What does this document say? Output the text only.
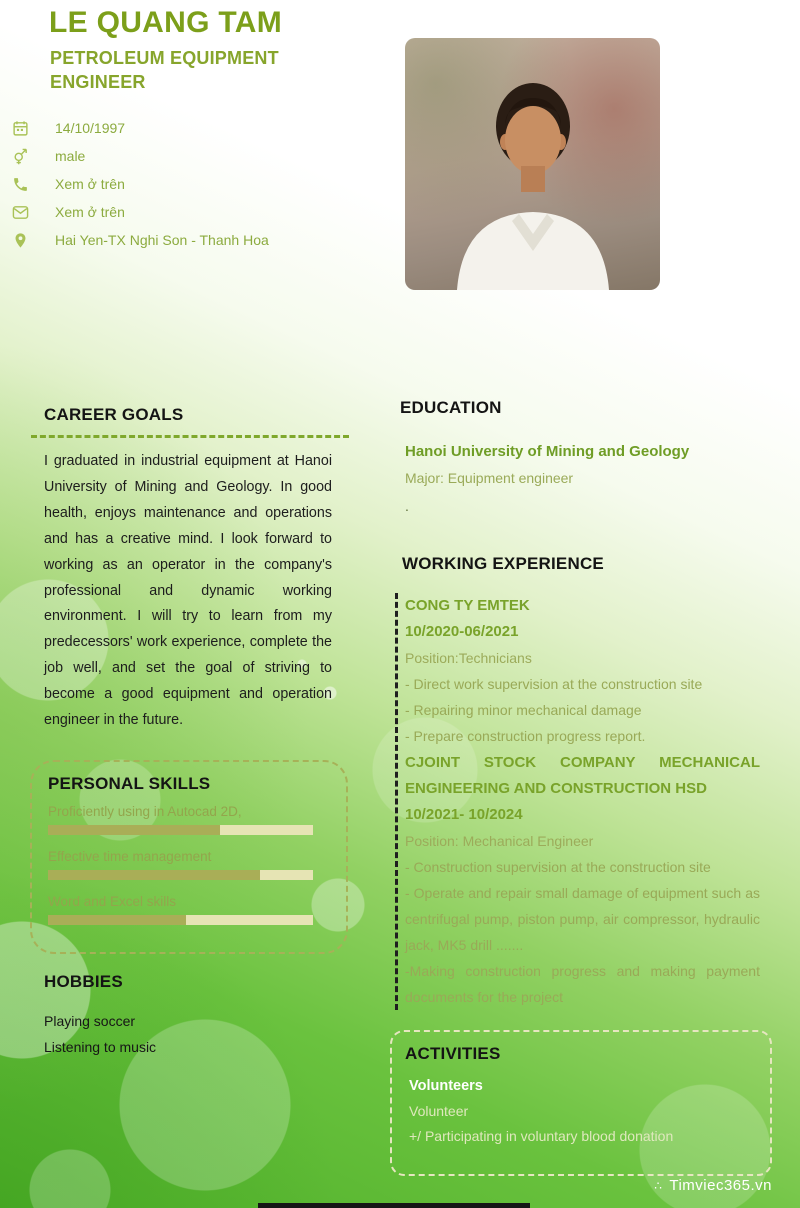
LE QUANG TAM
PETROLEUM EQUIPMENT ENGINEER
14/10/1997
male
Xem ở trên
Xem ở trên
Hai Yen-TX Nghi Son - Thanh Hoa
CAREER GOALS

I graduated in industrial equipment at Hanoi University of Mining and Geology. In good health, enjoys maintenance and operations and has a creative mind. I look forward to working as an operator in the company's professional and dynamic working environment. I will try to learn from my predecessors' work experience, complete the job well, and set the goal of striving to become a good equipment and operation engineer in the future.

PERSONAL SKILLS
Proficiently using in Autocad 2D,
Effective time management
Word and Excel skills
HOBBIES
Playing soccer
Listening to music
EDUCATION
Hanoi University of Mining and Geology
Major: Equipment engineer
.
WORKING EXPERIENCE
CONG TY EMTEK
10/2020-06/2021
Position:Technicians
- Direct work supervision at the construction site
- Repairing minor mechanical damage
- Prepare construction progress report.
CJOINT STOCK COMPANY MECHANICAL ENGINEERING AND CONSTRUCTION HSD
10/2021- 10/2024
Position: Mechanical Engineer
- Construction supervision at the construction site
- Operate and repair small damage of equipment such as centrifugal pump, piston pump, air compressor, hydraulic jack, MK5 drill .......
-Making construction progress and making payment documents for the project
ACTIVITIES
Volunteers
Volunteer
+/ Participating in voluntary blood donation
∴ Timviec365.vn
